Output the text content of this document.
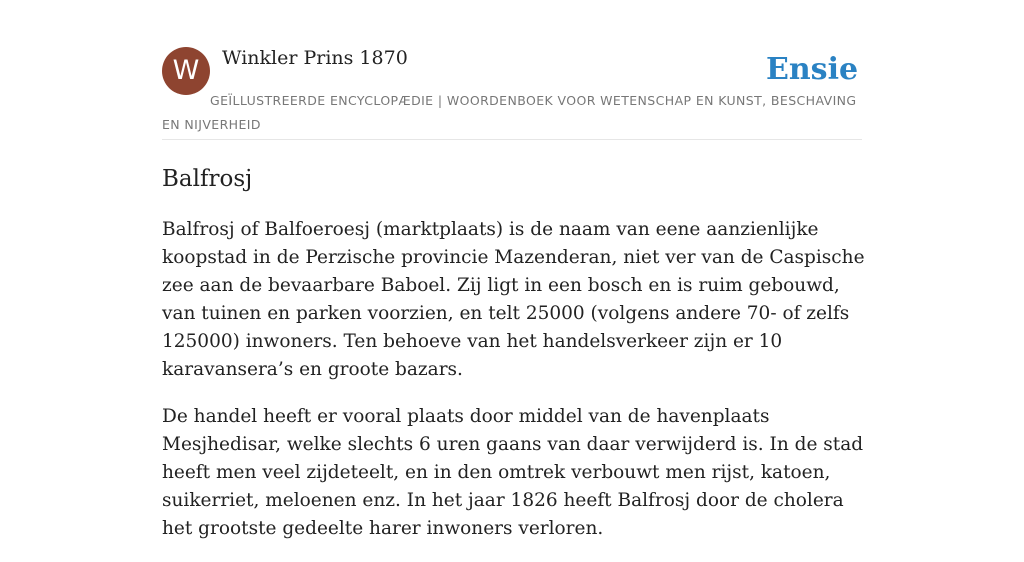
W	Winkler Prins 1870	Ensie
GEÏLLUSTREERDE ENCYCLOPÆDIE | WOORDENBOEK VOOR WETENSCHAP EN KUNST, BESCHAVING EN NIJVERHEID
Balfrosj

Balfrosj of Balfoeroesj (marktplaats) is de naam van eene aanzienlijke koopstad in de Perzische provincie Mazenderan, niet ver van de Caspische zee aan de bevaarbare Baboel. Zij ligt in een bosch en is ruim gebouwd, van tuinen en parken voorzien, en telt 25000 (volgens andere 70- of zelfs 125000) inwoners. Ten behoeve van het handelsverkeer zijn er 10 karavansera’s en groote bazars.

De handel heeft er vooral plaats door middel van de havenplaats Mesjhedisar, welke slechts 6 uren gaans van daar verwijderd is. In de stad heeft men veel zijdeteelt, en in den omtrek verbouwt men rijst, katoen, suikerriet, meloenen enz. In het jaar 1826 heeft Balfrosj door de cholera het grootste gedeelte harer inwoners verloren.
